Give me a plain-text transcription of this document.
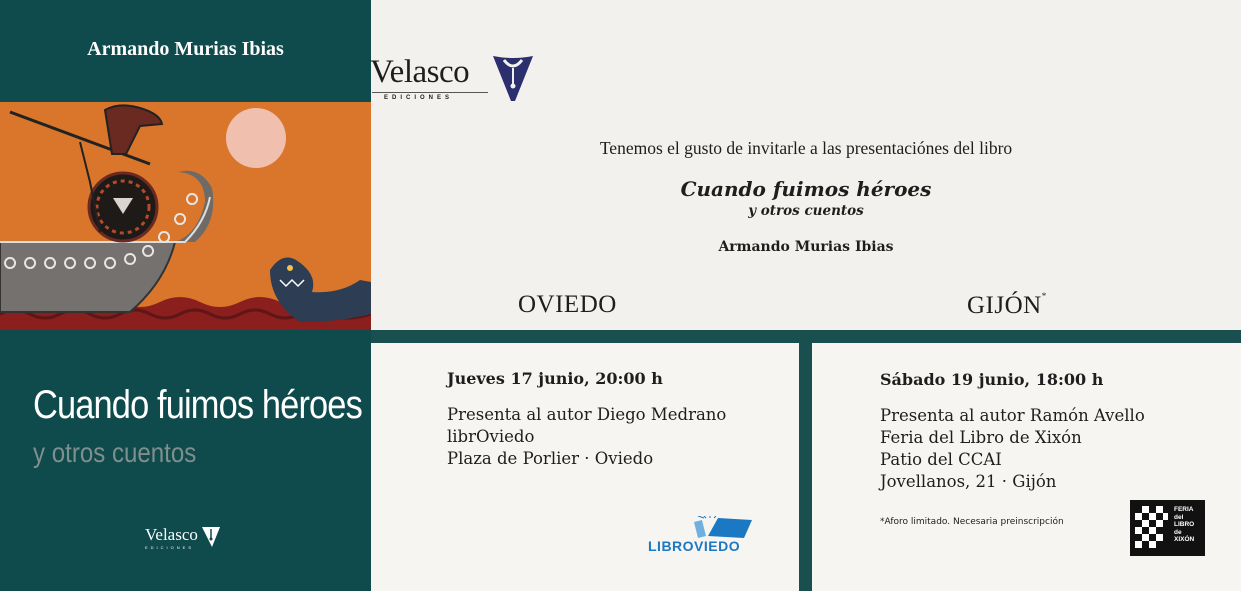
Armando Murias Ibias
Cuando fuimos héroes
y otros cuentos
Velasco
EDICIONES
Velasco
EDICIONES
Tenemos el gusto de invitarle a las presentaciónes del libro
Cuando fuimos héroes
y otros cuentos
Armando Murias Ibias
OVIEDO	GIJÓN*
Jueves 17 junio, 20:00 h
Presenta al autor Diego Medrano
librOviedo
Plaza de Porlier · Oviedo
Sábado 19 junio, 18:00 h
Presenta al autor Ramón Avello
Feria del Libro de Xixón
Patio del CCAI
Jovellanos, 21 · Gijón
*Aforo limitado. Necesaria preinscripción
LIBROVIEDO
FERIA
del
LIBRO
de
XIXÓN
